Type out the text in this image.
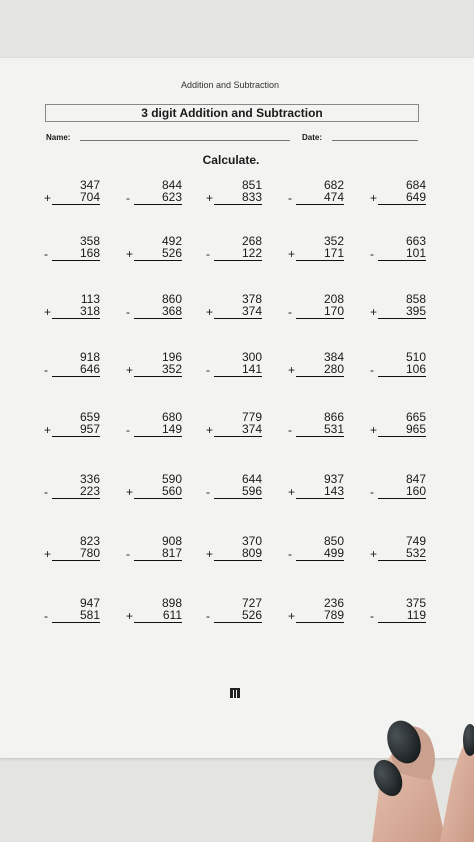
Addition and Subtraction
3 digit Addition and Subtraction
Name:	Date:
Calculate.
347
+	704
844
-	623
851
+	833
682
-	474
684
+	649
358
-	168
492
+	526
268
-	122
352
+	171
663
-	101
113
+	318
860
-	368
378
+	374
208
-	170
858
+	395
918
-	646
196
+	352
300
-	141
384
+	280
510
-	106
659
+	957
680
-	149
779
+	374
866
-	531
665
+	965
336
-	223
590
+	560
644
-	596
937
+	143
847
-	160
823
+	780
908
-	817
370
+	809
850
-	499
749
+	532
947
-	581
898
+	611
727
-	526
236
+	789
375
-	119
